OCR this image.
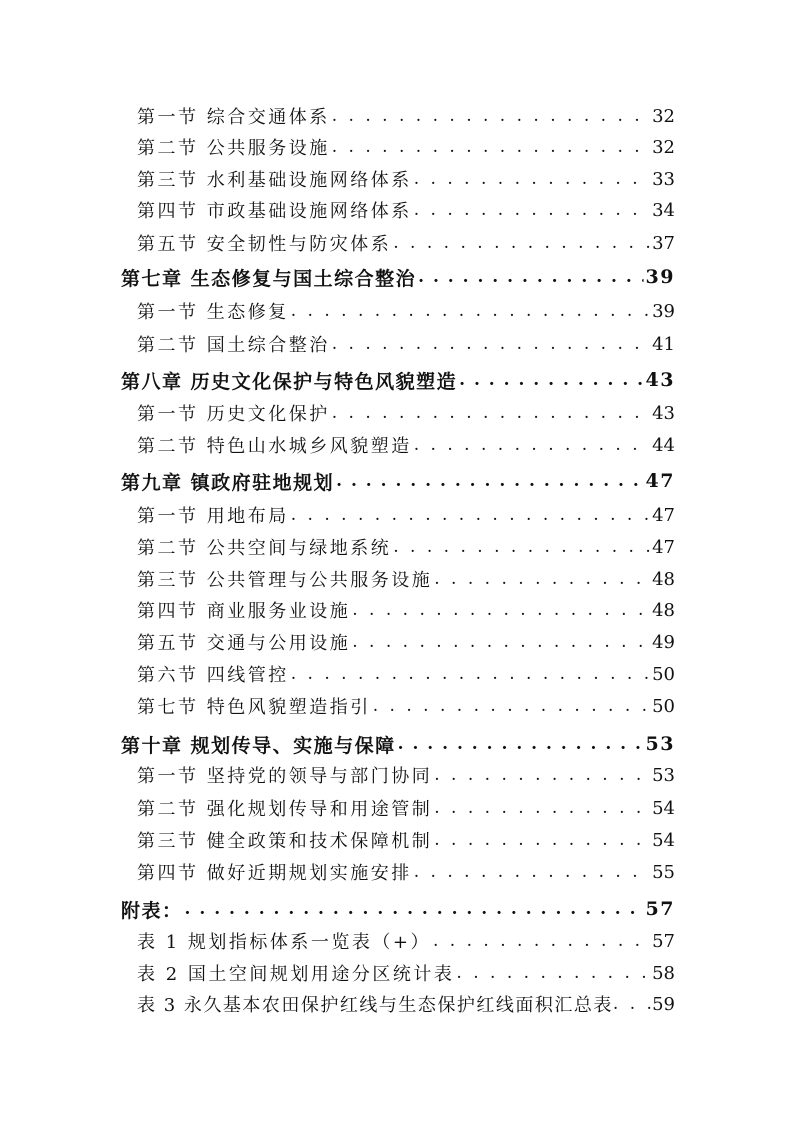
第一节 综合交通体系 . . .	32
第二节 公共服务设施 . . .	32
第三节 水利基础设施网络体系 . . .	33
第四节 市政基础设施网络体系 . . .	34
第五节 安全韧性与防灾体系 . . .	37
第七章 生态修复与国土综合整治 . . .	39
第一节 生态修复 . . .	39
第二节 国土综合整治 . . .	41
第八章 历史文化保护与特色风貌塑造 . . .	43
第一节 历史文化保护 . . .	43
第二节 特色山水城乡风貌塑造 . . .	44
第九章 镇政府驻地规划 . . .	47
第一节 用地布局 . . .	47
第二节 公共空间与绿地系统 . . .	47
第三节 公共管理与公共服务设施 . . .	48
第四节 商业服务业设施 . . .	48
第五节 交通与公用设施 . . .	49
第六节 四线管控 . . .	50
第七节 特色风貌塑造指引 . . .	50
第十章 规划传导、实施与保障 . . .	53
第一节 坚持党的领导与部门协同 . . .	53
第二节 强化规划传导和用途管制 . . .	54
第三节 健全政策和技术保障机制 . . .	54
第四节 做好近期规划实施安排 . . .	55
附表： . . .	57
表 1 规划指标体系一览表（+） . . .	57
表 2 国土空间规划用途分区统计表 . . .	58
表 3 永久基本农田保护红线与生态保护红线面积汇总表 . . . 59
